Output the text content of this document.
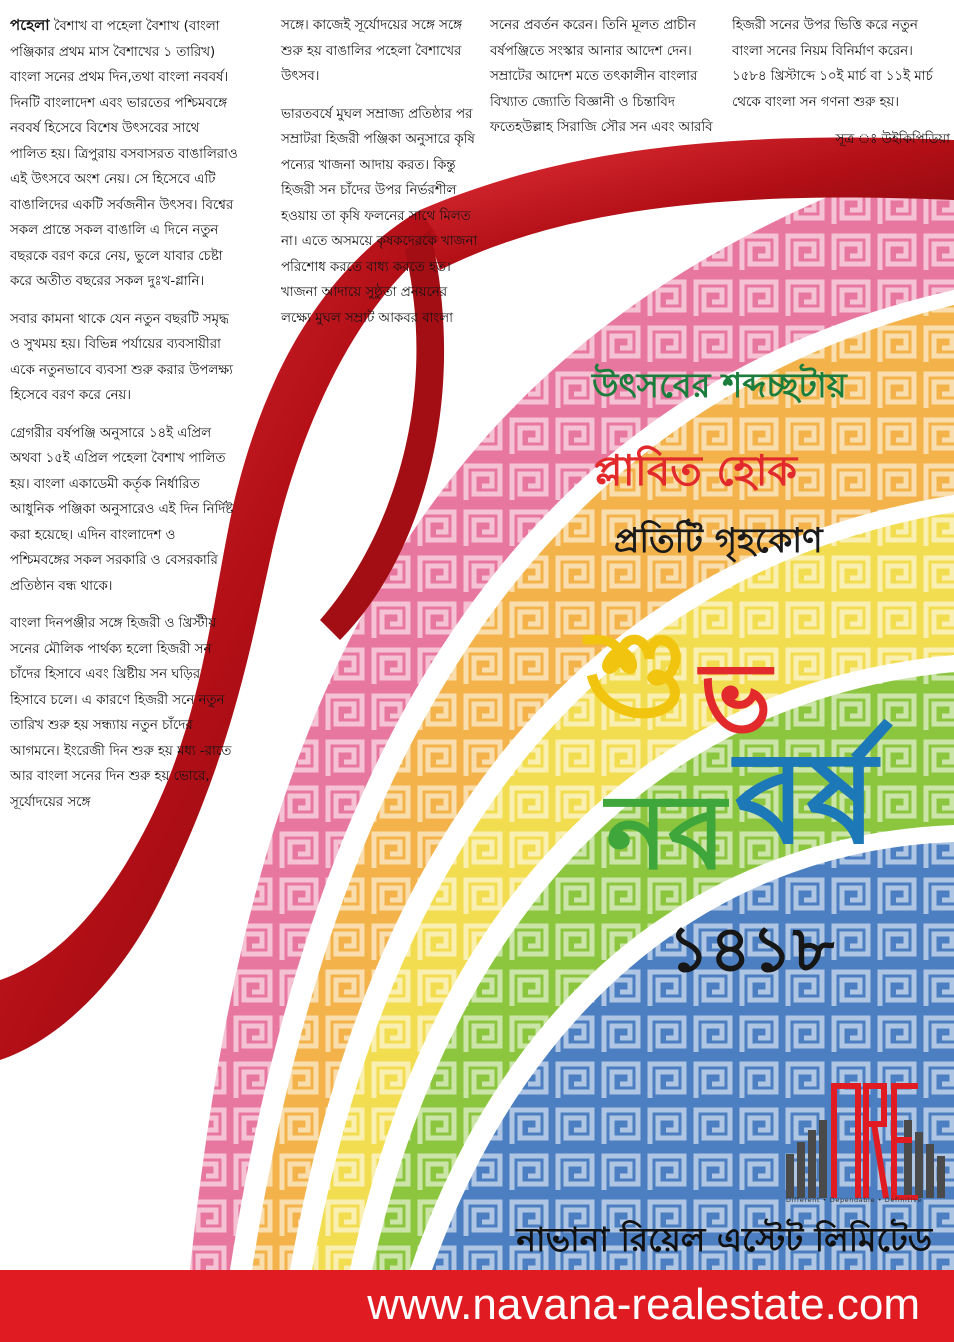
পহেলা বৈশাখ বা পহেলা বৈশাখ (বাংলা পঞ্জিকার প্রথম মাস বৈশাখের ১ তারিখ) বাংলা সনের প্রথম দিন,তথা বাংলা নববর্ষ। দিনটি বাংলাদেশ এবং ভারতের পশ্চিমবঙ্গে নববর্ষ হিসেবে বিশেষ উৎসবের সাথে পালিত হয়। ত্রিপুরায় বসবাসরত বাঙালিরাও এই উৎসবে অংশ নেয়। সে হিসেবে এটি বাঙালিদের একটি সর্বজনীন উৎসব। বিশ্বের সকল প্রান্তে সকল বাঙালি এ দিনে নতুন বছরকে বরণ করে নেয়, ভুলে যাবার চেষ্টা করে অতীত বছরের সকল দুঃখ-গ্লানি।

সবার কামনা থাকে যেন নতুন বছরটি সমৃদ্ধ ও সুখময় হয়। বিভিন্ন পর্যায়ের ব্যবসায়ীরা একে নতুনভাবে ব্যবসা শুরু করার উপলক্ষ্য হিসেবে বরণ করে নেয়।

গ্রেগরীর বর্ষপঞ্জি অনুসারে ১৪ই এপ্রিল অথবা ১৫ই এপ্রিল পহেলা বৈশাখ পালিত হয়। বাংলা একাডেমী কর্তৃক নির্ধারিত আধুনিক পঞ্জিকা অনুসারেও এই দিন নির্দিষ্ট করা হয়েছে। এদিন বাংলাদেশ ও পশ্চিমবঙ্গের সকল সরকারি ও বেসরকারি প্রতিষ্ঠান বন্ধ থাকে।

বাংলা দিনপঞ্জীর সঙ্গে হিজরী ও খ্রিস্টীয় সনের মৌলিক পার্থক্য হলো হিজরী সন চাঁদের হিসাবে এবং খ্রিষ্টীয় সন ঘড়ির হিসাবে চলে। এ কারণে হিজরী সনে নতুন তারিখ শুরু হয় সন্ধ্যায় নতুন চাঁদের আগমনে। ইংরেজী দিন শুরু হয় মধ্য -রাতে আর বাংলা সনের দিন শুরু হয় ভোরে, সূর্যোদয়ের সঙ্গে

সঙ্গে। কাজেই সূর্যোদয়ের সঙ্গে সঙ্গে শুরু হয় বাঙালির পহেলা বৈশাখের উৎসব।

ভারতবর্ষে মুঘল সম্রাজ্য প্রতিষ্ঠার পর সম্রাটরা হিজরী পঞ্জিকা অনুসারে কৃষি পন্যের খাজনা আদায় করত। কিন্তু হিজরী সন চাঁদের উপর নির্ভরশীল হওয়ায় তা কৃষি ফলনের সাথে মিলত না। এতে অসময়ে কৃষকদেরকে খাজনা পরিশোধ করতে বাধ্য করতে হত। খাজনা আদায়ে সুষ্ঠুতা প্রনয়নের লক্ষ্যে মুঘল সম্রাট আকবর বাংলা

সনের প্রবর্তন করেন। তিনি মূলত প্রাচীন বর্ষপঞ্জিতে সংস্কার আনার আদেশ দেন। সম্রাটের আদেশ মতে তৎকালীন বাংলার বিখ্যাত জ্যোতি বিজ্ঞানী ও চিন্তাবিদ ফতেহউল্লাহ সিরাজি সৌর সন এবং আরবি

হিজরী সনের উপর ভিত্তি করে নতুন বাংলা সনের নিয়ম বিনির্মাণ করেন। ১৫৮৪ খ্রিস্টাব্দে ১০ই মার্চ বা ১১ই মার্চ থেকে বাংলা সন গণনা শুরু হয়।

সূত্র ঃ উইকিপিডিয়া
উৎসবের শব্দচ্ছটায়
প্লাবিত হোক
প্রতিটি গৃহকোণ
শু ভ
নব বর্ষ
১৪১৮
Different • Dependable • Definitive
নাভানা রিয়েল এস্টেট লিমিটেড
www.navana-realestate.com
